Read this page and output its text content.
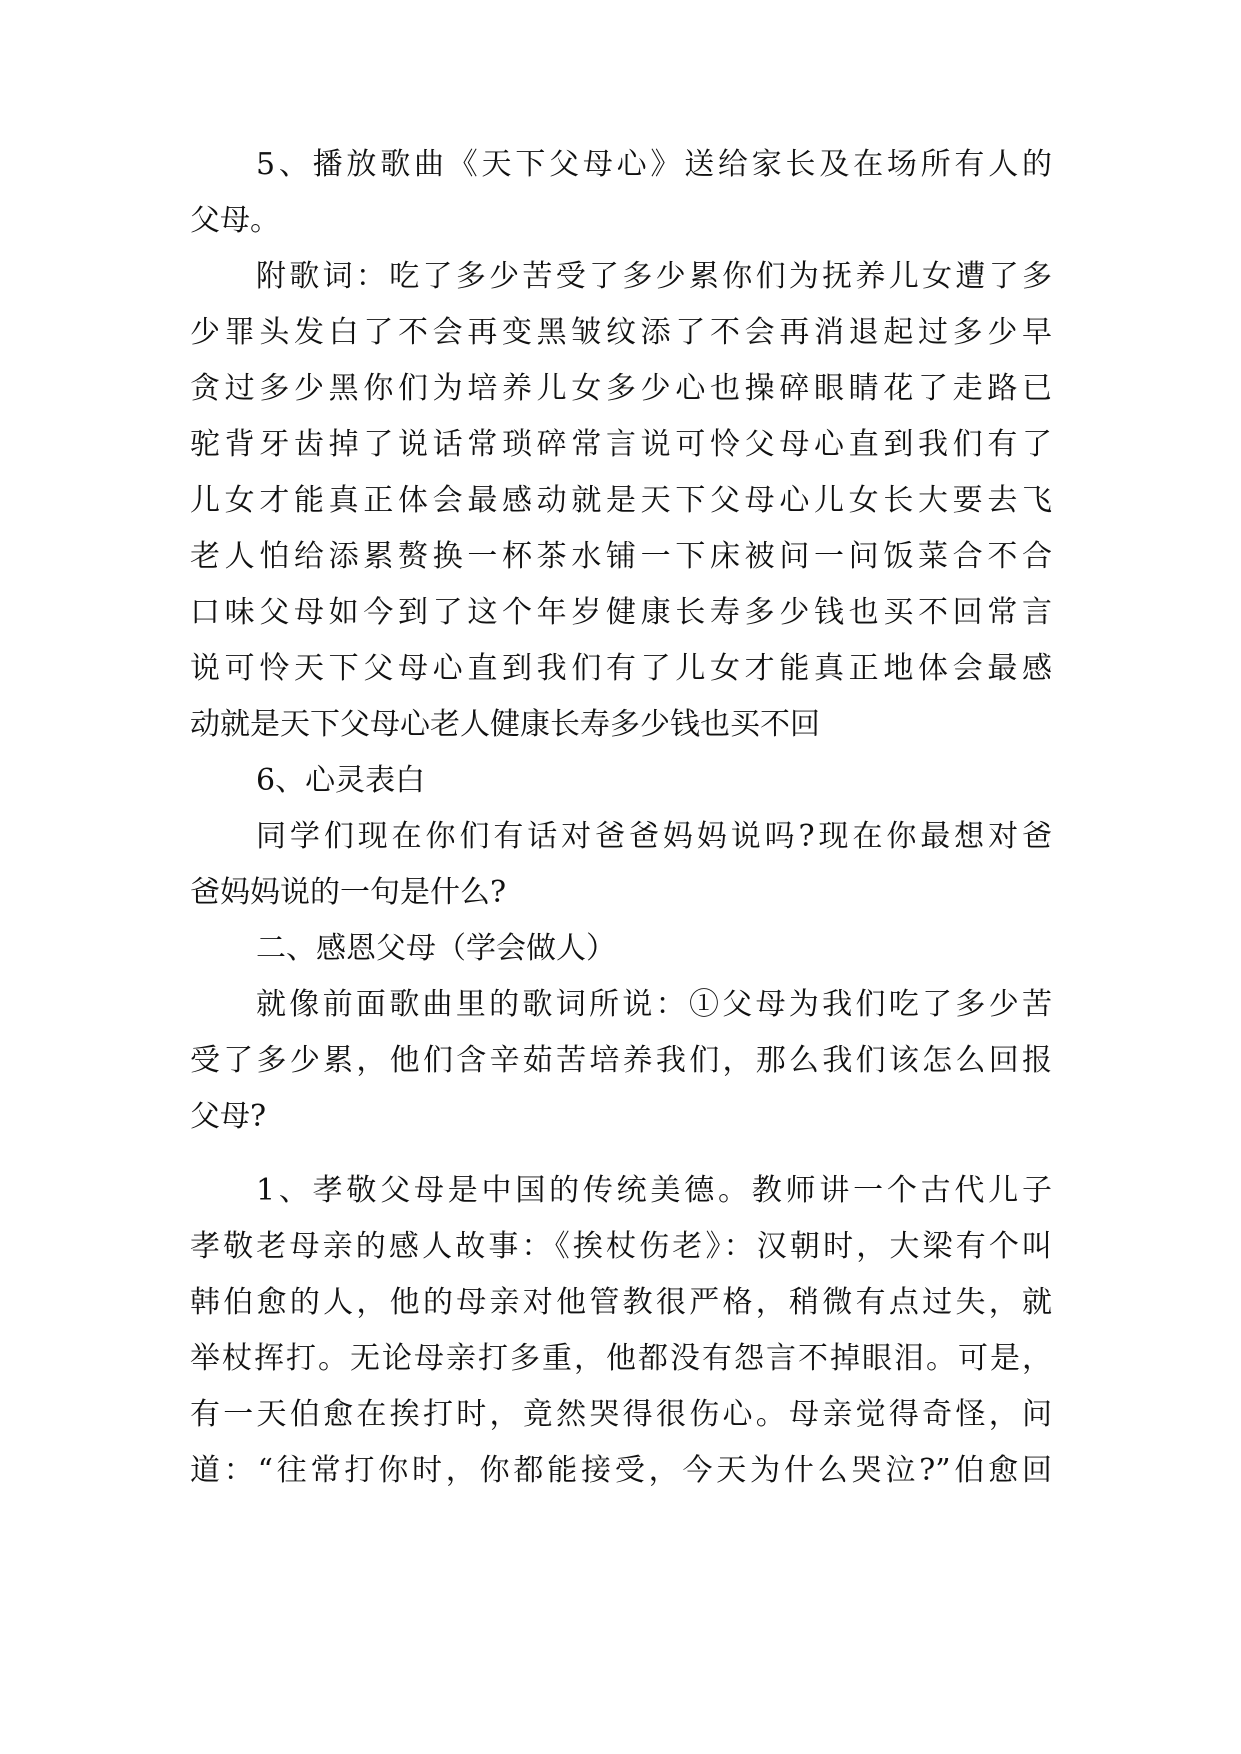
5、播放歌曲《天下父母心》送给家长及在场所有人的
父母。
附歌词：吃了多少苦受了多少累你们为抚养儿女遭了多
少罪头发白了不会再变黑皱纹添了不会再消退起过多少早
贪过多少黑你们为培养儿女多少心也操碎眼睛花了走路已
驼背牙齿掉了说话常琐碎常言说可怜父母心直到我们有了
儿女才能真正体会最感动就是天下父母心儿女长大要去飞
老人怕给添累赘换一杯茶水铺一下床被问一问饭菜合不合
口味父母如今到了这个年岁健康长寿多少钱也买不回常言
说可怜天下父母心直到我们有了儿女才能真正地体会最感
动就是天下父母心老人健康长寿多少钱也买不回
6、心灵表白
同学们现在你们有话对爸爸妈妈说吗?现在你最想对爸
爸妈妈说的一句是什么?
二、感恩父母（学会做人）
就像前面歌曲里的歌词所说：①父母为我们吃了多少苦
受了多少累，他们含辛茹苦培养我们，那么我们该怎么回报
父母?
1、孝敬父母是中国的传统美德。教师讲一个古代儿子
孝敬老母亲的感人故事：《挨杖伤老》：汉朝时，大梁有个叫
韩伯愈的人，他的母亲对他管教很严格，稍微有点过失，就
举杖挥打。无论母亲打多重，他都没有怨言不掉眼泪。可是，
有一天伯愈在挨打时，竟然哭得很伤心。母亲觉得奇怪，问
道：“往常打你时，你都能接受，今天为什么哭泣?”伯愈回
